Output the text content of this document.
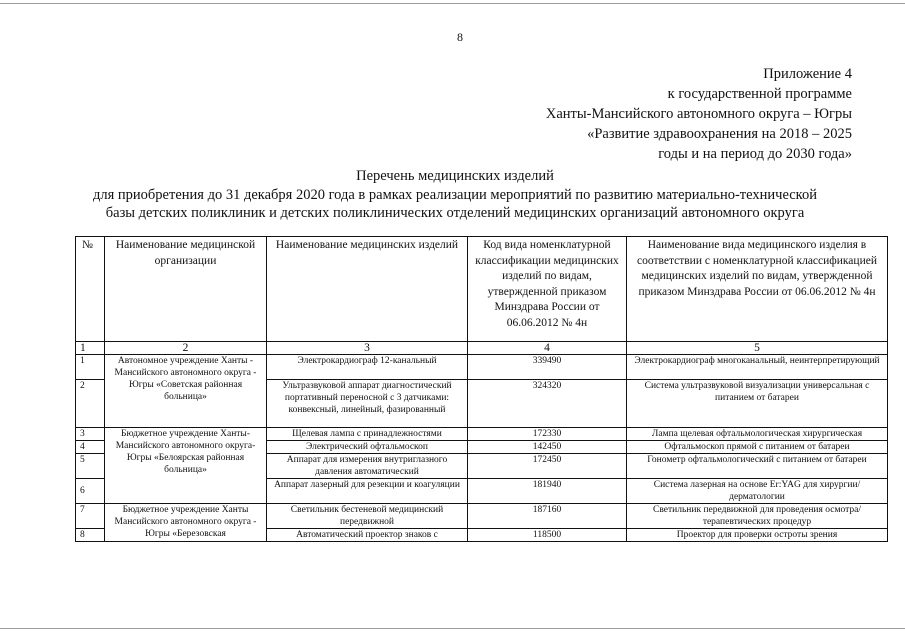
8
Приложение 4
к государственной программе
Ханты-Мансийского автономного округа – Югры
«Развитие здравоохранения на 2018 – 2025
годы и на период до 2030 года»
Перечень медицинских изделий
для приобретения до 31 декабря 2020 года в рамках реализации мероприятий по развитию материально-технической
базы детских поликлиник и детских поликлинических отделений медицинских организаций автономного округа
№	Наименование медицинской организации	Наименование медицинских изделий	Код вида номенклатурной классификации медицинских изделий по видам, утвержденной приказом Минздрава России от 06.06.2012 № 4н	Наименование вида медицинского изделия в соответствии с номенклатурной классификацией медицинских изделий по видам, утвержденной приказом Минздрава России от 06.06.2012 № 4н
1	2	3	4	5
1	Автономное учреждение Ханты - Мансийского автономного округа - Югры «Советская районная больница»	Электрокардиограф 12-канальный	339490	Электрокардиограф многоканальный, неинтерпретирующий
2		Ультразвуковой аппарат диагностический портативный переносной с 3 датчиками: конвексный, линейный, фазированный	324320	Система ультразвуковой визуализации универсальная с питанием от батареи
3	Бюджетное учреждение Ханты-Мансийского автономного округа-Югры «Белоярская районная больница»	Щелевая лампа с принадлежностями	172330	Лампа щелевая офтальмологическая хирургическая
4		Электрический офтальмоскоп	142450	Офтальмоскоп прямой с питанием от батареи
5		Аппарат для измерения внутриглазного давления автоматический	172450	Гонометр офтальмологический с питанием от батареи
6		Аппарат лазерный для резекции и коагуляции	181940	Система лазерная на основе Er:YAG для хирургии/ дерматологии
7	Бюджетное учреждение Ханты Мансийского автономного округа - Югры «Березовская	Светильник бестеневой медицинский передвижной	187160	Светильник передвижной для проведения осмотра/терапевтических процедур
8		Автоматический проектор знаков с	118500	Проектор для проверки остроты зрения
